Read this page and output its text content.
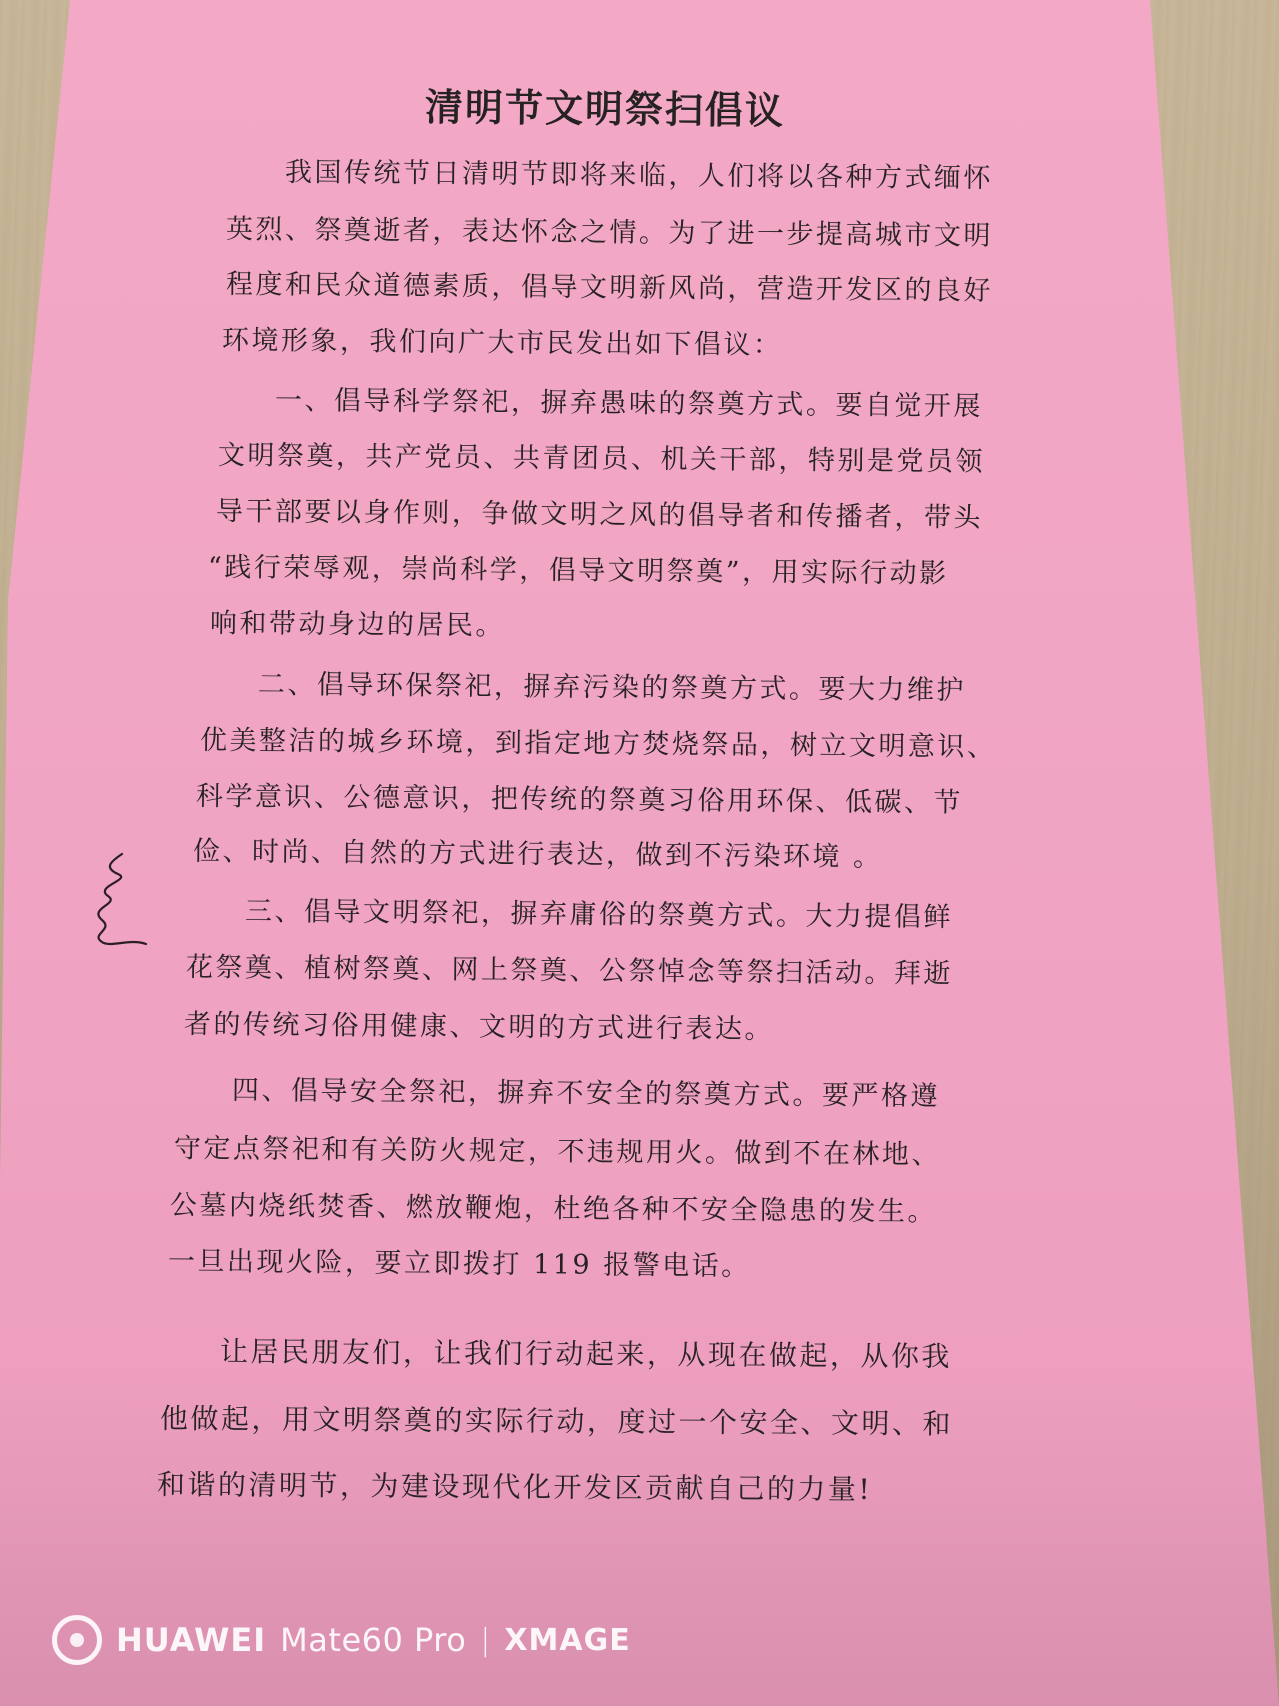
清明节文明祭扫倡议
我国传统节日清明节即将来临，人们将以各种方式缅怀
英烈、祭奠逝者，表达怀念之情。为了进一步提高城市文明
程度和民众道德素质，倡导文明新风尚，营造开发区的良好
环境形象，我们向广大市民发出如下倡议：
一、倡导科学祭祀，摒弃愚味的祭奠方式。要自觉开展
文明祭奠，共产党员、共青团员、机关干部，特别是党员领
导干部要以身作则，争做文明之风的倡导者和传播者，带头
“践行荣辱观，崇尚科学，倡导文明祭奠”，用实际行动影
响和带动身边的居民。
二、倡导环保祭祀，摒弃污染的祭奠方式。要大力维护
优美整洁的城乡环境，到指定地方焚烧祭品，树立文明意识、
科学意识、公德意识，把传统的祭奠习俗用环保、低碳、节
俭、时尚、自然的方式进行表达，做到不污染环境 。
三、倡导文明祭祀，摒弃庸俗的祭奠方式。大力提倡鲜
花祭奠、植树祭奠、网上祭奠、公祭悼念等祭扫活动。拜逝
者的传统习俗用健康、文明的方式进行表达。
四、倡导安全祭祀，摒弃不安全的祭奠方式。要严格遵
守定点祭祀和有关防火规定，不违规用火。做到不在林地、
公墓内烧纸焚香、燃放鞭炮，杜绝各种不安全隐患的发生。
一旦出现火险，要立即拨打 119 报警电话。
让居民朋友们，让我们行动起来，从现在做起，从你我
他做起，用文明祭奠的实际行动，度过一个安全、文明、和
和谐的清明节，为建设现代化开发区贡献自己的力量!
HUAWEI Mate60 Pro | XMAGE
